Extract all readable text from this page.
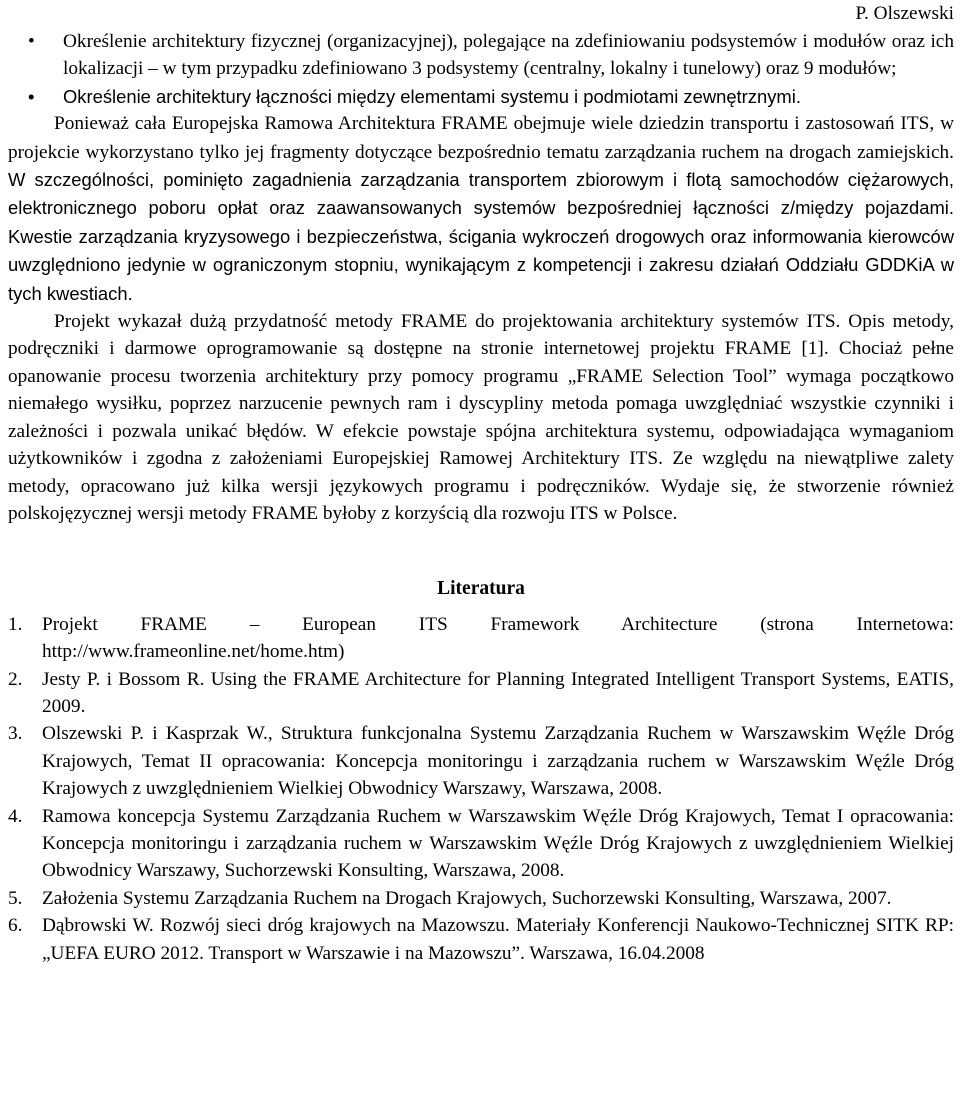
P. Olszewski
• Określenie architektury fizycznej (organizacyjnej), polegające na zdefiniowaniu podsystemów i modułów oraz ich lokalizacji – w tym przypadku zdefiniowano 3 podsystemy (centralny, lokalny i tunelowy) oraz 9 modułów;
• Określenie architektury łączności między elementami systemu i podmiotami zewnętrznymi.

Ponieważ cała Europejska Ramowa Architektura FRAME obejmuje wiele dziedzin transportu i zastosowań ITS, w projekcie wykorzystano tylko jej fragmenty dotyczące bezpośrednio tematu zarządzania ruchem na drogach zamiejskich. W szczególności, pominięto zagadnienia zarządzania transportem zbiorowym i flotą samochodów ciężarowych, elektronicznego poboru opłat oraz zaawansowanych systemów bezpośredniej łączności z/między pojazdami. Kwestie zarządzania kryzysowego i bezpieczeństwa, ścigania wykroczeń drogowych oraz informowania kierowców uwzględniono jedynie w ograniczonym stopniu, wynikającym z kompetencji i zakresu działań Oddziału GDDKiA w tych kwestiach.

Projekt wykazał dużą przydatność metody FRAME do projektowania architektury systemów ITS. Opis metody, podręczniki i darmowe oprogramowanie są dostępne na stronie internetowej projektu FRAME [1]. Chociaż pełne opanowanie procesu tworzenia architektury przy pomocy programu „FRAME Selection Tool” wymaga początkowo niemałego wysiłku, poprzez narzucenie pewnych ram i dyscypliny metoda pomaga uwzględniać wszystkie czynniki i zależności i pozwala unikać błędów. W efekcie powstaje spójna architektura systemu, odpowiadająca wymaganiom użytkowników i zgodna z założeniami Europejskiej Ramowej Architektury ITS. Ze względu na niewątpliwe zalety metody, opracowano już kilka wersji językowych programu i podręczników. Wydaje się, że stworzenie również polskojęzycznej wersji metody FRAME byłoby z korzyścią dla rozwoju ITS w Polsce.

Literatura
1. Projekt FRAME – European ITS Framework Architecture (strona Internetowa: http://www.frameonline.net/home.htm)
2. Jesty P. i Bossom R. Using the FRAME Architecture for Planning Integrated Intelligent Transport Systems, EATIS, 2009.
3. Olszewski P. i Kasprzak W., Struktura funkcjonalna Systemu Zarządzania Ruchem w Warszawskim Węźle Dróg Krajowych, Temat II opracowania: Koncepcja monitoringu i zarządzania ruchem w Warszawskim Węźle Dróg Krajowych z uwzględnieniem Wielkiej Obwodnicy Warszawy, Warszawa, 2008.
4. Ramowa koncepcja Systemu Zarządzania Ruchem w Warszawskim Węźle Dróg Krajowych, Temat I opracowania: Koncepcja monitoringu i zarządzania ruchem w Warszawskim Węźle Dróg Krajowych z uwzględnieniem Wielkiej Obwodnicy Warszawy, Suchorzewski Konsulting, Warszawa, 2008.
5. Założenia Systemu Zarządzania Ruchem na Drogach Krajowych, Suchorzewski Konsulting, Warszawa, 2007.
6. Dąbrowski W. Rozwój sieci dróg krajowych na Mazowszu. Materiały Konferencji Naukowo-Technicznej SITK RP: „UEFA EURO 2012. Transport w Warszawie i na Mazowszu”. Warszawa, 16.04.2008
